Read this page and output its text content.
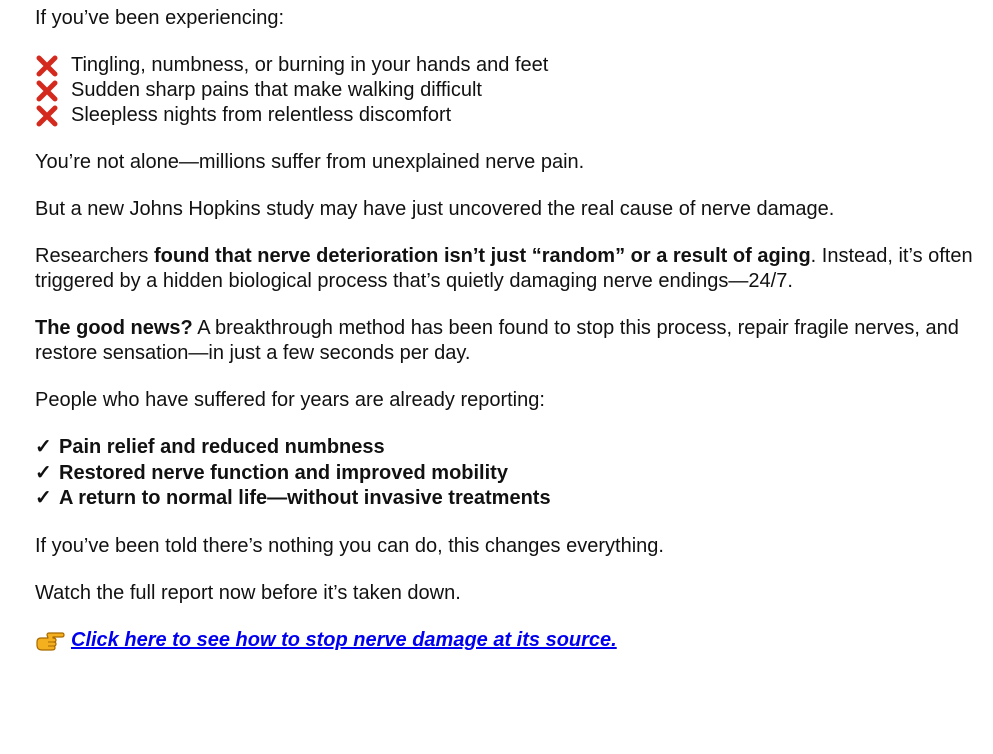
If you’ve been experiencing:

Tingling, numbness, or burning in your hands and feet
Sudden sharp pains that make walking difficult
Sleepless nights from relentless discomfort

You’re not alone—millions suffer from unexplained nerve pain.

But a new Johns Hopkins study may have just uncovered the real cause of nerve damage.

Researchers found that nerve deterioration isn’t just “random” or a result of aging. Instead, it’s often triggered by a hidden biological process that’s quietly damaging nerve endings—24/7.

The good news? A breakthrough method has been found to stop this process, repair fragile nerves, and restore sensation—in just a few seconds per day.

People who have suffered for years are already reporting:

✓ Pain relief and reduced numbness
✓ Restored nerve function and improved mobility
✓ A return to normal life—without invasive treatments

If you’ve been told there’s nothing you can do, this changes everything.

Watch the full report now before it’s taken down.

Click here to see how to stop nerve damage at its source.
